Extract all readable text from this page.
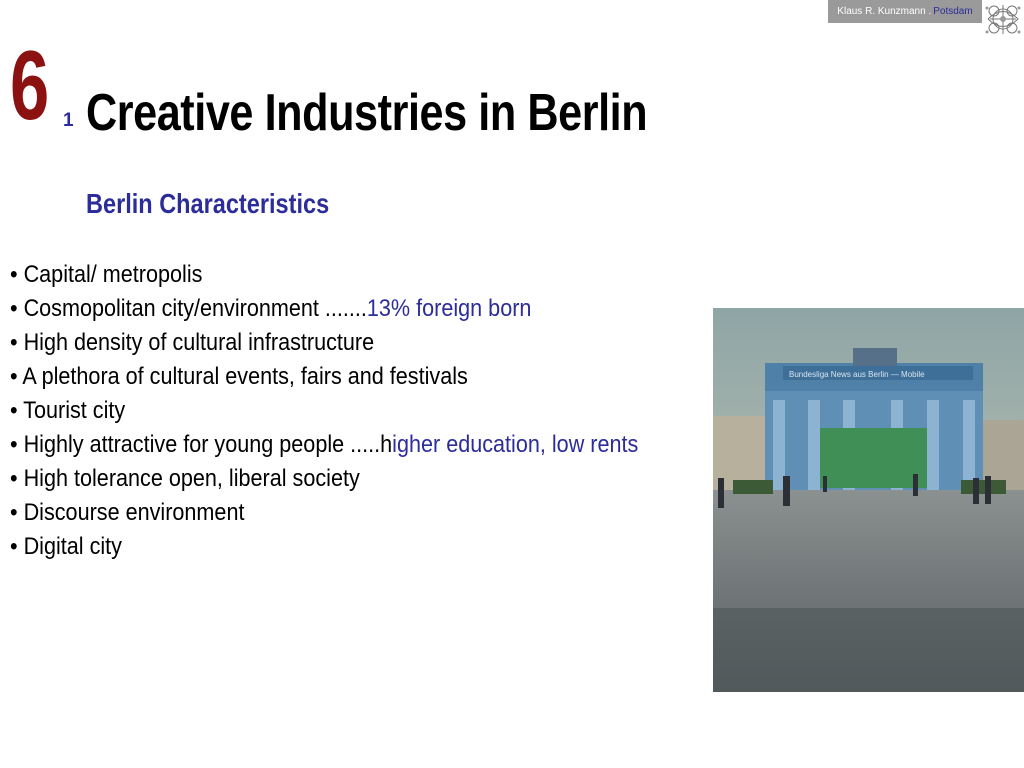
Klaus R. Kunzmann . Potsdam
6 1 Creative Industries in Berlin
Berlin Characteristics
• Capital/ metropolis
• Cosmopolitan city/environment .......13% foreign born
• High density of cultural infrastructure
• A plethora of cultural events, fairs and festivals
• Tourist city
• Highly attractive for young people .....higher education, low rents
• High tolerance open, liberal society
• Discourse environment
• Digital city
Bundesliga News aus Berlin — Mobile
